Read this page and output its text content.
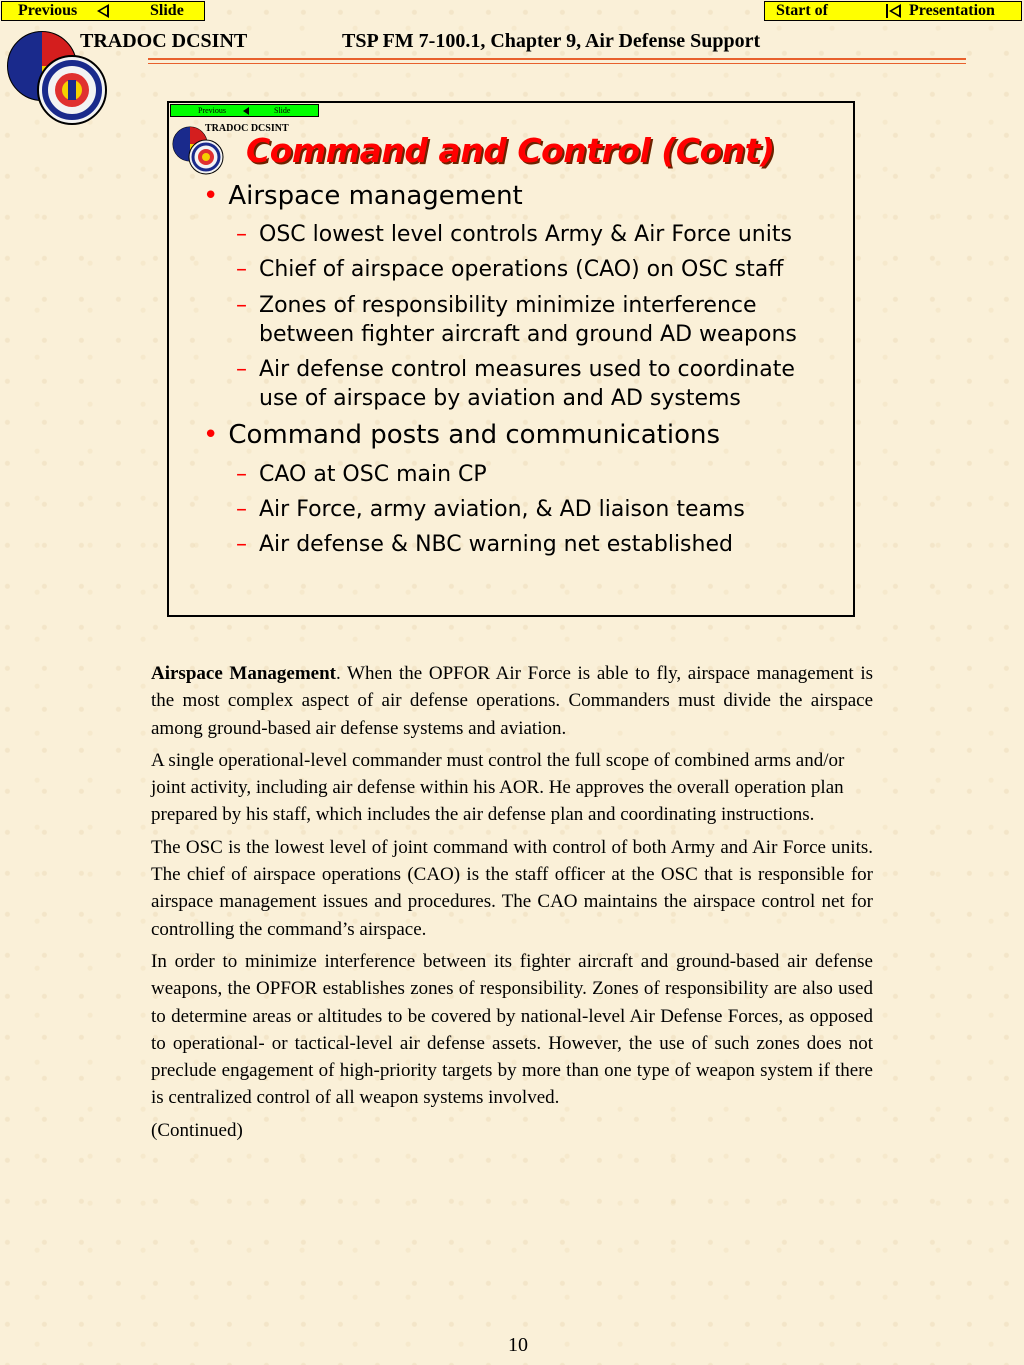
Previous	Slide	Start of	Presentation
TRADOC DCSINT	TSP FM 7-100.1, Chapter 9, Air Defense Support
Previous	Slide
TRADOC DCSINT
Command and Control (Cont)
• Airspace management
– OSC lowest level controls Army & Air Force units
– Chief of airspace operations (CAO) on OSC staff
– Zones of responsibility minimize interference
between fighter aircraft and ground AD weapons
– Air defense control measures used to coordinate
use of airspace by aviation and AD systems
• Command posts and communications
– CAO at OSC main CP
– Air Force, army aviation, & AD liaison teams
– Air defense & NBC warning net established

Airspace Management. When the OPFOR Air Force is able to fly, airspace management is the most complex aspect of air defense operations. Commanders must divide the airspace among ground-based air defense systems and aviation.

A single operational-level commander must control the full scope of combined arms and/or joint activity, including air defense within his AOR. He approves the overall operation plan prepared by his staff, which includes the air defense plan and coordinating instructions.

The OSC is the lowest level of joint command with control of both Army and Air Force units. The chief of airspace operations (CAO) is the staff officer at the OSC that is responsible for airspace management issues and procedures. The CAO maintains the airspace control net for controlling the command’s airspace.

In order to minimize interference between its fighter aircraft and ground-based air defense weapons, the OPFOR establishes zones of responsibility. Zones of responsibility are also used to determine areas or altitudes to be covered by national-level Air Defense Forces, as opposed to operational- or tactical-level air defense assets. However, the use of such zones does not preclude engagement of high-priority targets by more than one type of weapon system if there is centralized control of all weapon systems involved.

(Continued)

10
